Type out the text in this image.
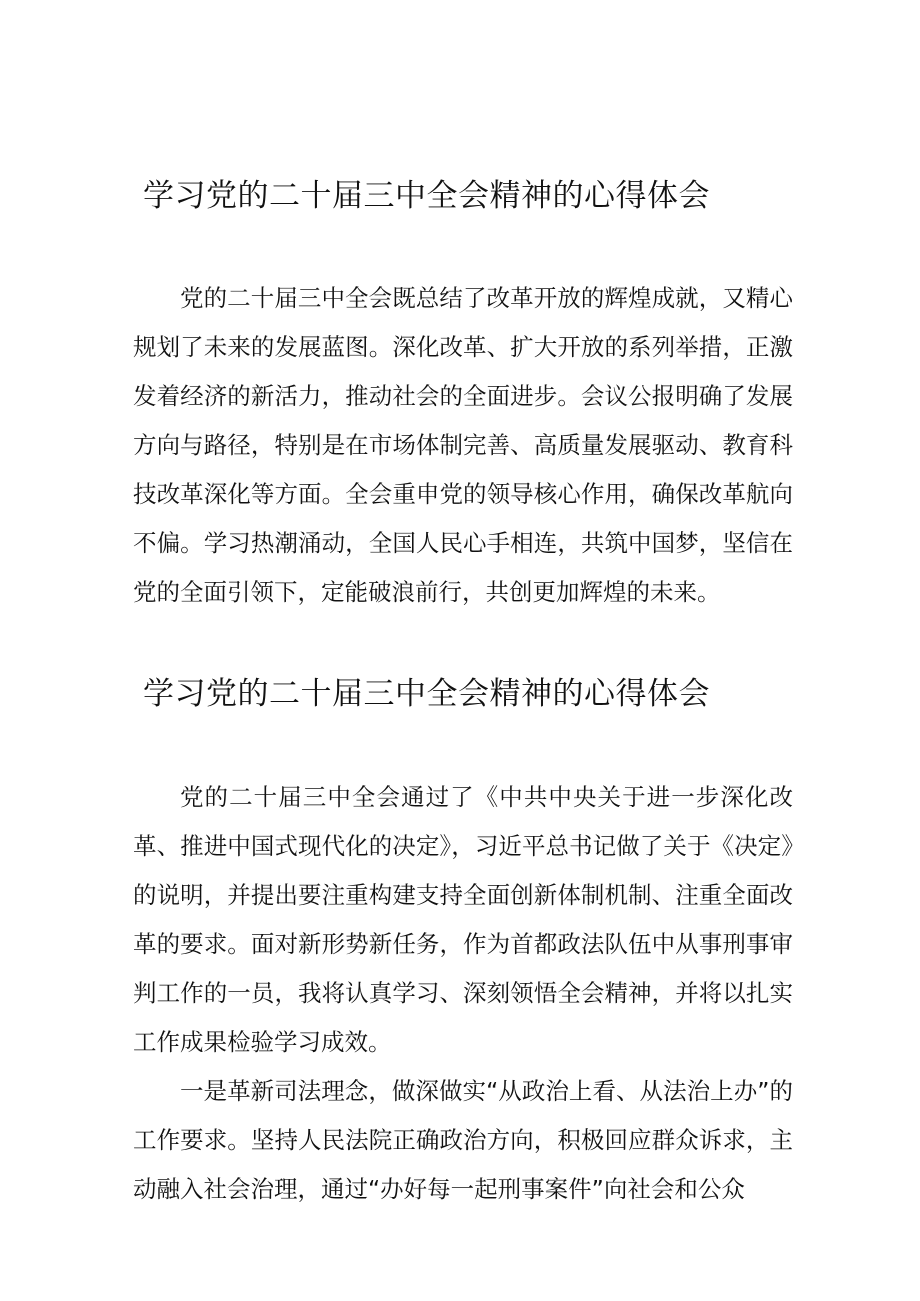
学习党的二十届三中全会精神的心得体会

党的二十届三中全会既总结了改革开放的辉煌成就，又精心规划了未来的发展蓝图。深化改革、扩大开放的系列举措，正激发着经济的新活力，推动社会的全面进步。会议公报明确了发展方向与路径，特别是在市场体制完善、高质量发展驱动、教育科技改革深化等方面。全会重申党的领导核心作用，确保改革航向不偏。学习热潮涌动，全国人民心手相连，共筑中国梦，坚信在党的全面引领下，定能破浪前行，共创更加辉煌的未来。

学习党的二十届三中全会精神的心得体会

党的二十届三中全会通过了《中共中央关于进一步深化改革、推进中国式现代化的决定》，习近平总书记做了关于《决定》的说明，并提出要注重构建支持全面创新体制机制、注重全面改革的要求。面对新形势新任务，作为首都政法队伍中从事刑事审判工作的一员，我将认真学习、深刻领悟全会精神，并将以扎实工作成果检验学习成效。

一是革新司法理念，做深做实“从政治上看、从法治上办”的工作要求。坚持人民法院正确政治方向，积极回应群众诉求，主动融入社会治理，通过“办好每一起刑事案件”向社会和公众
